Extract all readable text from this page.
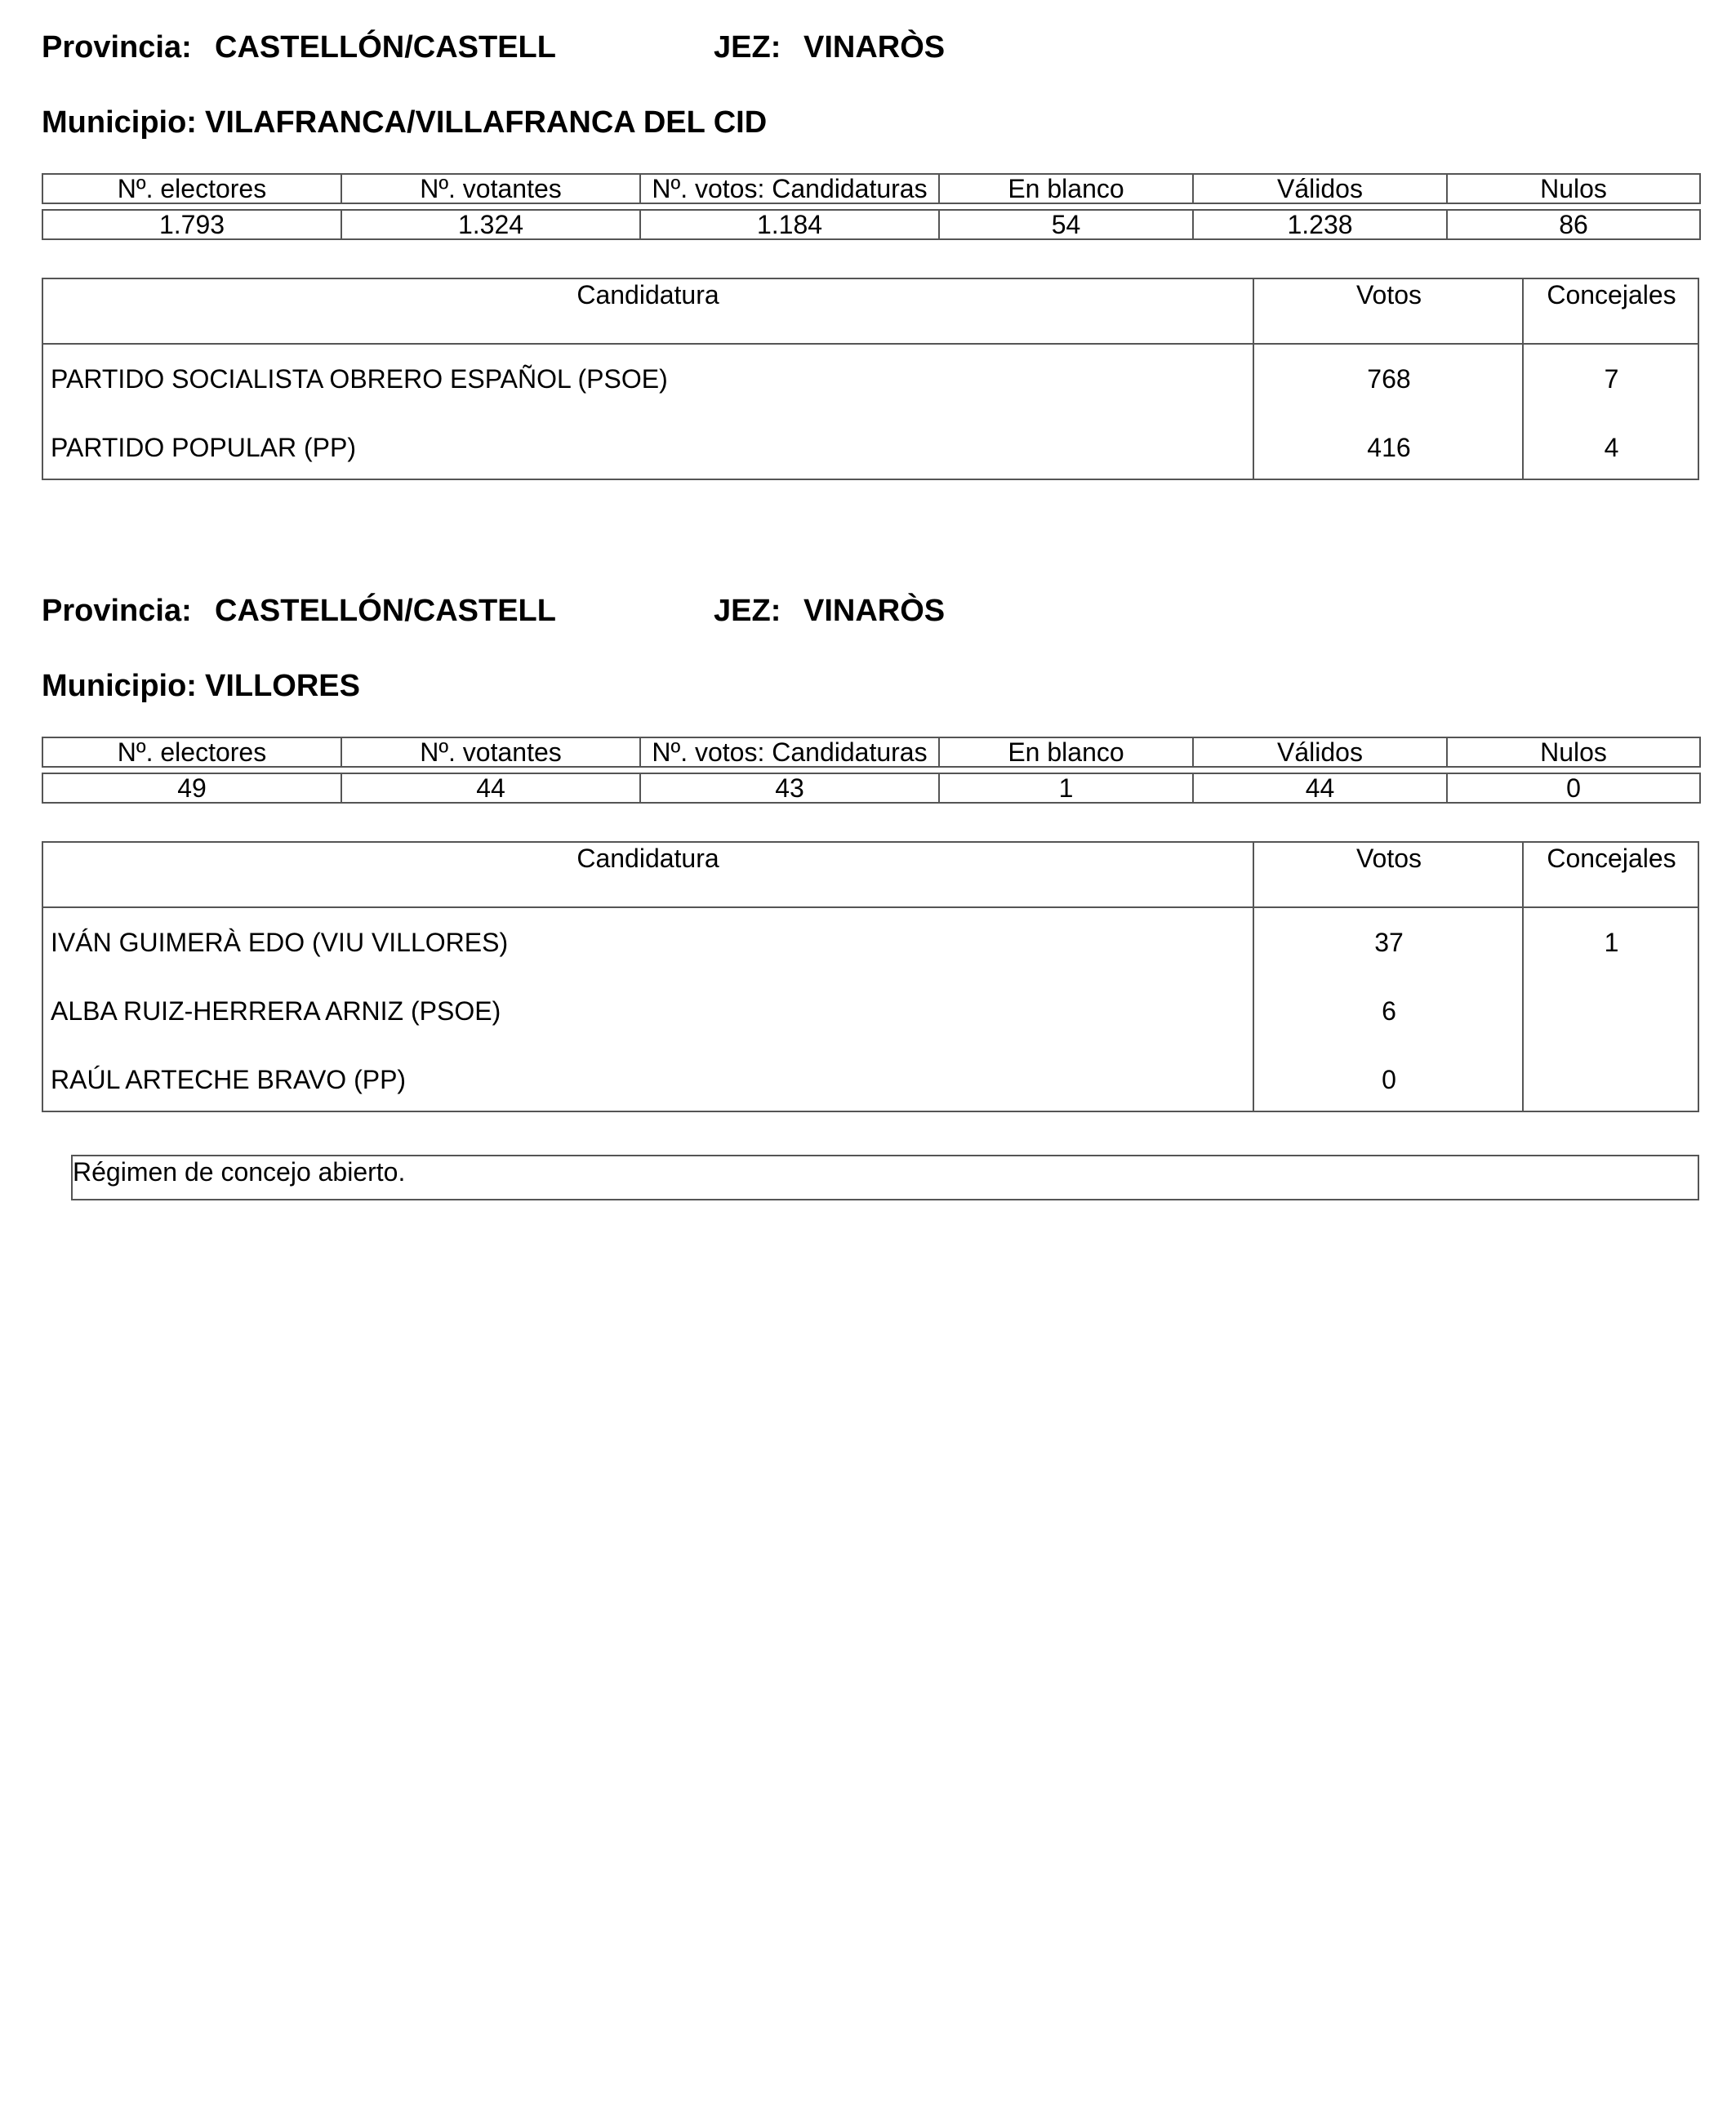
Provincia: CASTELLÓN/CASTELL	JEZ: VINARÒS
Municipio: VILAFRANCA/VILLAFRANCA DEL CID
Nº. electores	Nº. votantes	Nº. votos: Candidaturas	En blanco	Válidos	Nulos

1.793	1.324	1.184	54	1.238	86
Candidatura	Votos	Concejales
PARTIDO SOCIALISTA OBRERO ESPAÑOL (PSOE)	768	7
PARTIDO POPULAR (PP)	416	4
Provincia: CASTELLÓN/CASTELL	JEZ: VINARÒS
Municipio: VILLORES
Nº. electores	Nº. votantes	Nº. votos: Candidaturas	En blanco	Válidos	Nulos

49	44	43	1	44	0
Candidatura	Votos	Concejales
IVÁN GUIMERÀ EDO (VIU VILLORES)	37	1
ALBA RUIZ-HERRERA ARNIZ (PSOE)	6
RAÚL ARTECHE BRAVO (PP)	0
Régimen de concejo abierto.
